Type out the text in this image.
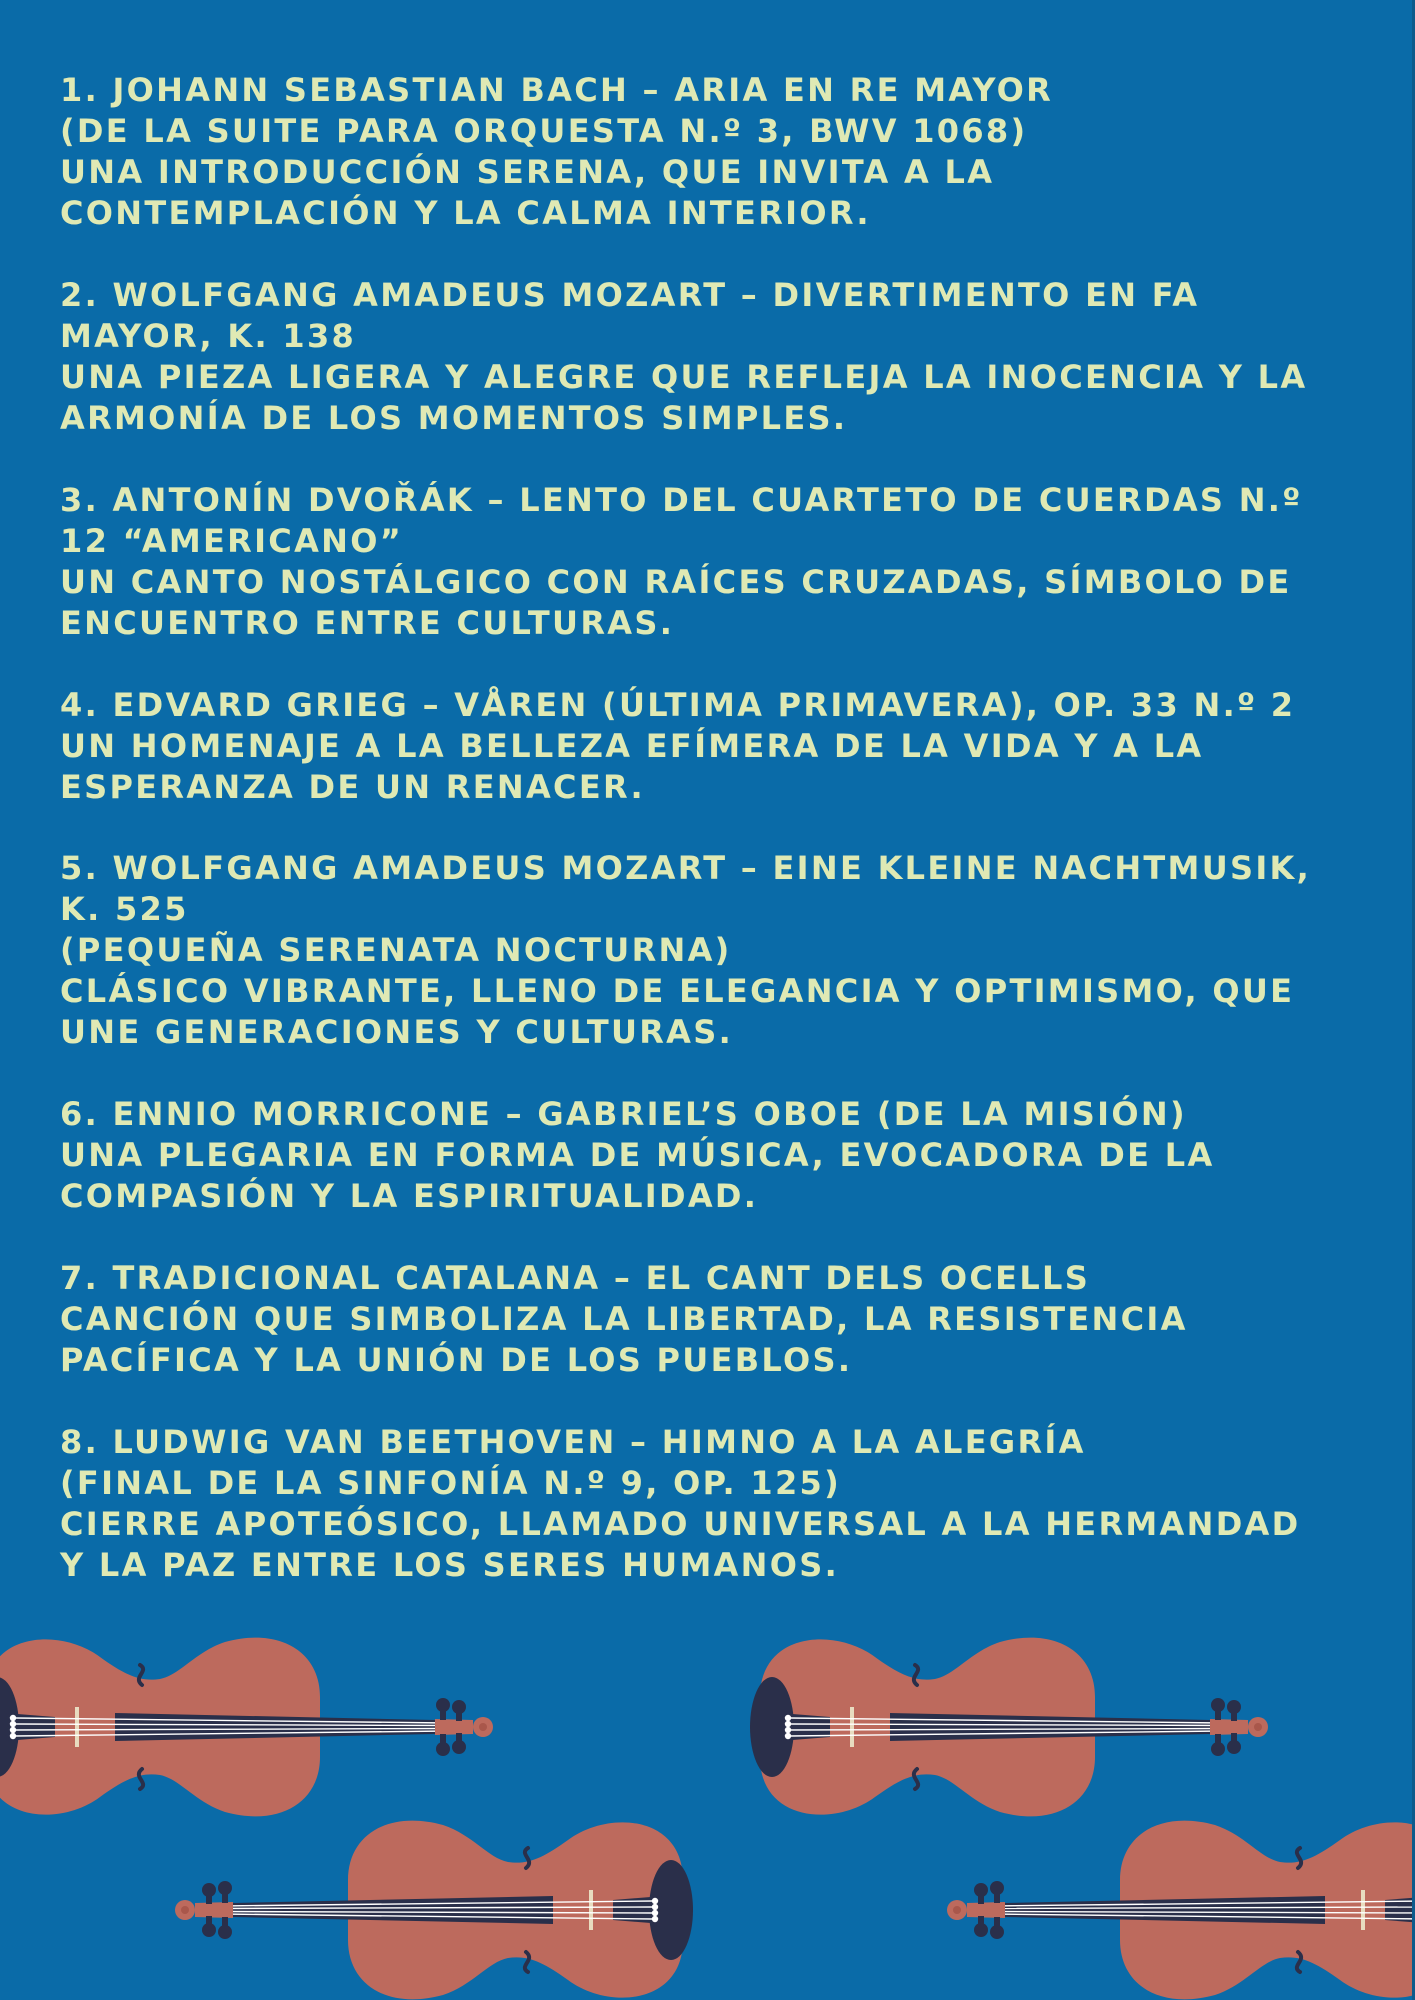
1. JOHANN SEBASTIAN BACH – ARIA EN RE MAYOR
(DE LA SUITE PARA ORQUESTA N.º 3, BWV 1068)
UNA INTRODUCCIÓN SERENA, QUE INVITA A LA
CONTEMPLACIÓN Y LA CALMA INTERIOR.
2. WOLFGANG AMADEUS MOZART – DIVERTIMENTO EN FA
MAYOR, K. 138
UNA PIEZA LIGERA Y ALEGRE QUE REFLEJA LA INOCENCIA Y LA
ARMONÍA DE LOS MOMENTOS SIMPLES.
3. ANTONÍN DVOŘÁK – LENTO DEL CUARTETO DE CUERDAS N.º
12 “AMERICANO”
UN CANTO NOSTÁLGICO CON RAÍCES CRUZADAS, SÍMBOLO DE
ENCUENTRO ENTRE CULTURAS.
4. EDVARD GRIEG – VÅREN (ÚLTIMA PRIMAVERA), OP. 33 N.º 2
UN HOMENAJE A LA BELLEZA EFÍMERA DE LA VIDA Y A LA
ESPERANZA DE UN RENACER.
5. WOLFGANG AMADEUS MOZART – EINE KLEINE NACHTMUSIK,
K. 525
(PEQUEÑA SERENATA NOCTURNA)
CLÁSICO VIBRANTE, LLENO DE ELEGANCIA Y OPTIMISMO, QUE
UNE GENERACIONES Y CULTURAS.
6. ENNIO MORRICONE – GABRIEL’S OBOE (DE LA MISIÓN)
UNA PLEGARIA EN FORMA DE MÚSICA, EVOCADORA DE LA
COMPASIÓN Y LA ESPIRITUALIDAD.
7. TRADICIONAL CATALANA – EL CANT DELS OCELLS
CANCIÓN QUE SIMBOLIZA LA LIBERTAD, LA RESISTENCIA
PACÍFICA Y LA UNIÓN DE LOS PUEBLOS.
8. LUDWIG VAN BEETHOVEN – HIMNO A LA ALEGRÍA
(FINAL DE LA SINFONÍA N.º 9, OP. 125)
CIERRE APOTEÓSICO, LLAMADO UNIVERSAL A LA HERMANDAD
Y LA PAZ ENTRE LOS SERES HUMANOS.
